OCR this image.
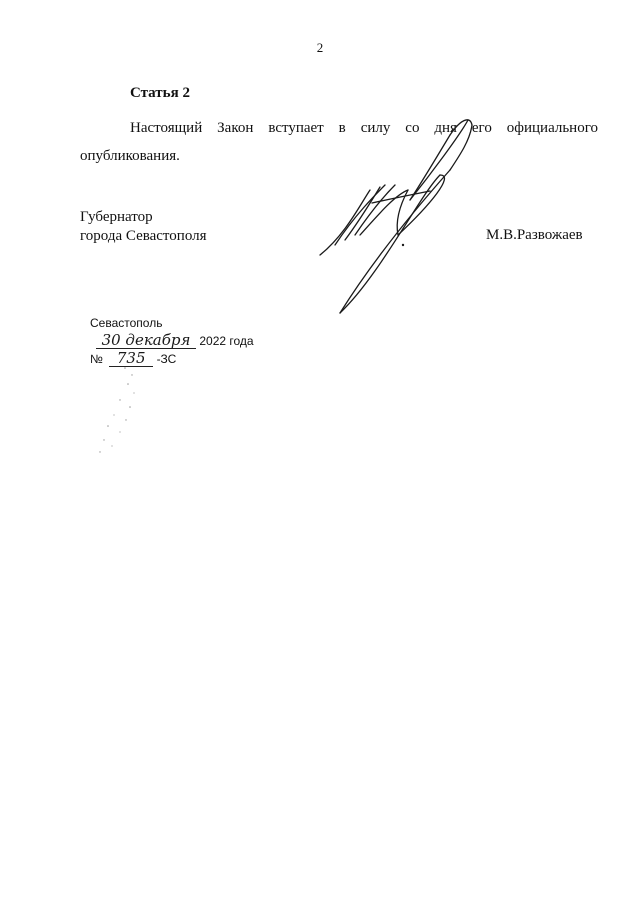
2
Статья 2

Настоящий Закон вступает в силу со дня его официального опубликования.

Губернатор
города Севастополя	М.В.Развожаев
Севастополь
30 декабря 2022 года
№ 735 -ЗС
